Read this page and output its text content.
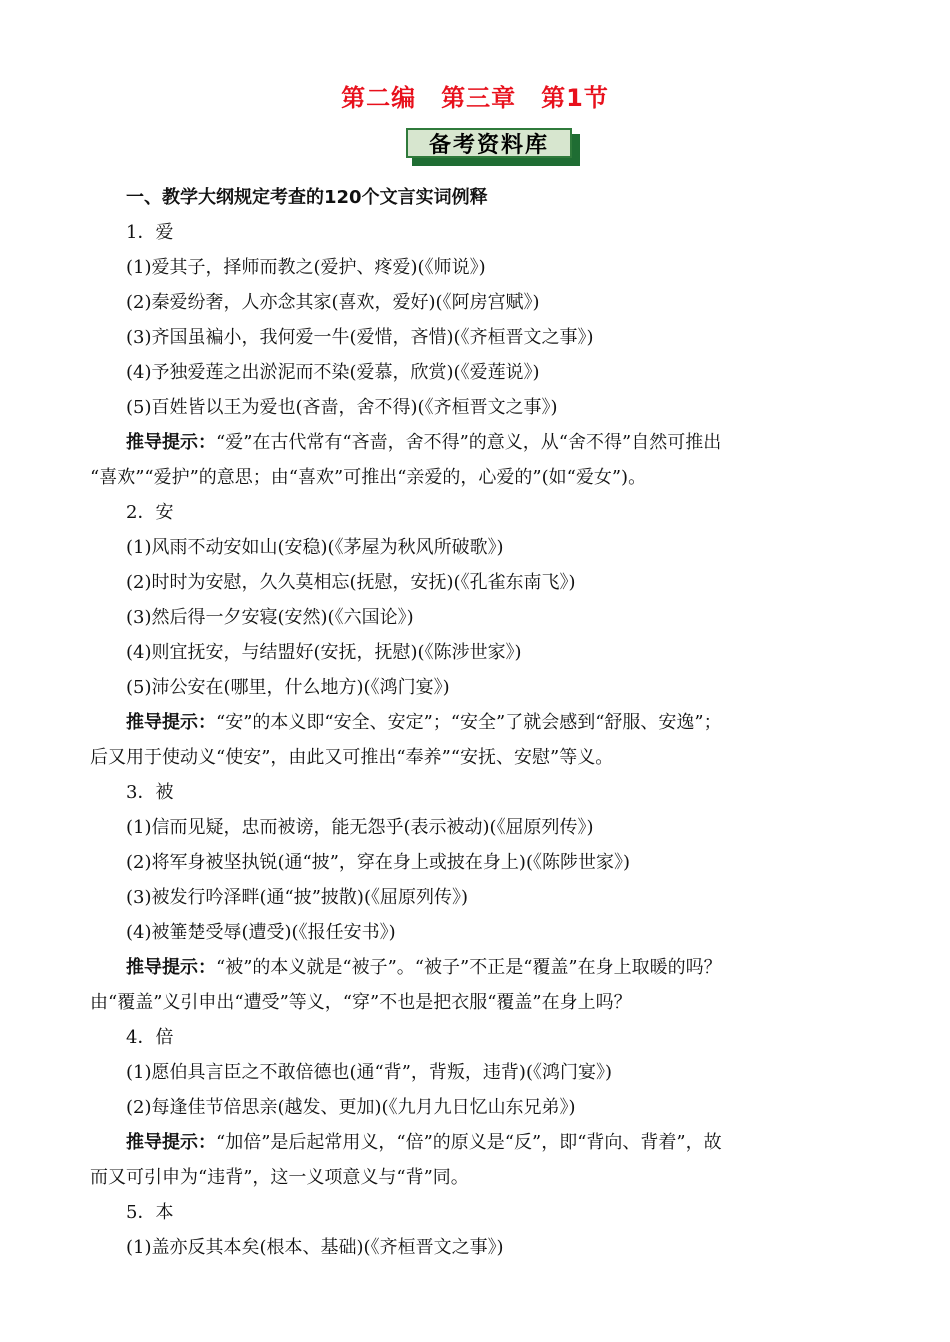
第二编　第三章　第1节
备考资料库

一、教学大纲规定考查的120个文言实词例释

1．爱

(1)爱其子，择师而教之(爱护、疼爱)(《师说》)

(2)秦爱纷奢，人亦念其家(喜欢，爱好)(《阿房宫赋》)

(3)齐国虽褊小，我何爱一牛(爱惜，吝惜)(《齐桓晋文之事》)

(4)予独爱莲之出淤泥而不染(爱慕，欣赏)(《爱莲说》)

(5)百姓皆以王为爱也(吝啬，舍不得)(《齐桓晋文之事》)

推导提示：“爱”在古代常有“吝啬，舍不得”的意义，从“舍不得”自然可推出

“喜欢”“爱护”的意思；由“喜欢”可推出“亲爱的，心爱的”(如“爱女”)。

2．安

(1)风雨不动安如山(安稳)(《茅屋为秋风所破歌》)

(2)时时为安慰，久久莫相忘(抚慰，安抚)(《孔雀东南飞》)

(3)然后得一夕安寝(安然)(《六国论》)

(4)则宜抚安，与结盟好(安抚，抚慰)(《陈涉世家》)

(5)沛公安在(哪里，什么地方)(《鸿门宴》)

推导提示：“安”的本义即“安全、安定”；“安全”了就会感到“舒服、安逸”；

后又用于使动义“使安”，由此又可推出“奉养”“安抚、安慰”等义。

3．被

(1)信而见疑，忠而被谤，能无怨乎(表示被动)(《屈原列传》)

(2)将军身被坚执锐(通“披”，穿在身上或披在身上)(《陈陟世家》)

(3)被发行吟泽畔(通“披”披散)(《屈原列传》)

(4)被箠楚受辱(遭受)(《报任安书》)

推导提示：“被”的本义就是“被子”。“被子”不正是“覆盖”在身上取暖的吗？

由“覆盖”义引申出“遭受”等义，“穿”不也是把衣服“覆盖”在身上吗？

4．倍

(1)愿伯具言臣之不敢倍德也(通“背”，背叛，违背)(《鸿门宴》)

(2)每逢佳节倍思亲(越发、更加)(《九月九日忆山东兄弟》)

推导提示：“加倍”是后起常用义，“倍”的原义是“反”，即“背向、背着”，故

而又可引申为“违背”，这一义项意义与“背”同。

5．本

(1)盖亦反其本矣(根本、基础)(《齐桓晋文之事》)
